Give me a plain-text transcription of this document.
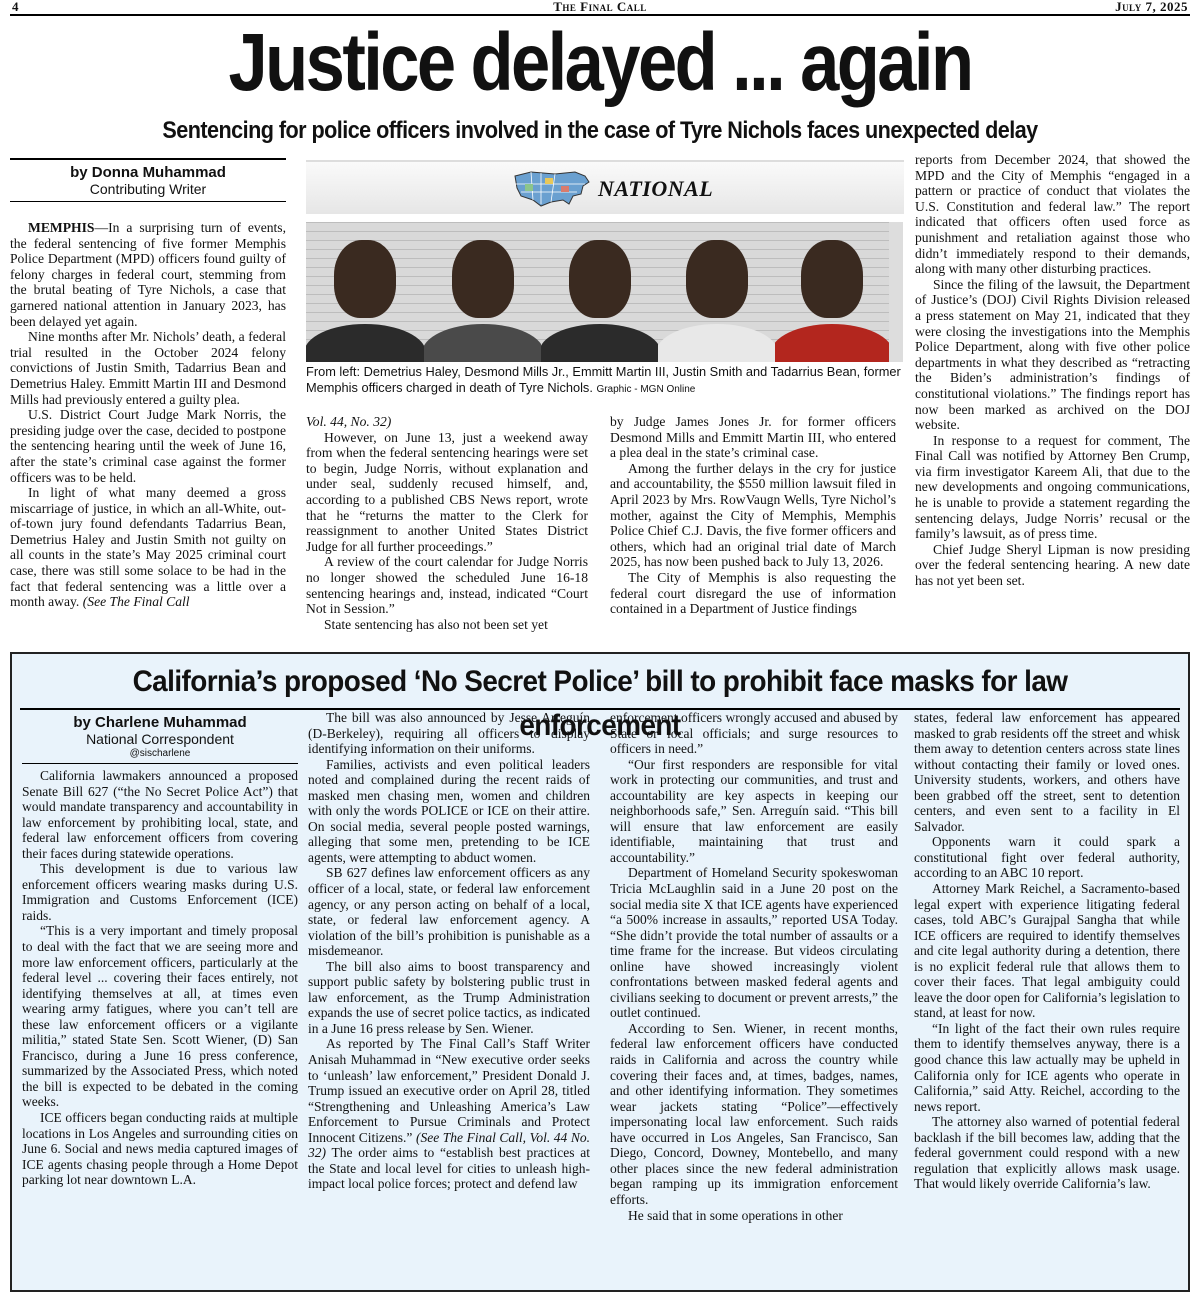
4	The Final Call	July 7, 2025
Justice delayed ... again
Sentencing for police officers involved in the case of Tyre Nichols faces unexpected delay
by Donna Muhammad
Contributing Writer

MEMPHIS—In a surprising turn of events, the federal sentencing of five former Memphis Police Department (MPD) officers found guilty of felony charges in federal court, stemming from the brutal beating of Tyre Nichols, a case that garnered national attention in January 2023, has been delayed yet again.

Nine months after Mr. Nichols’ death, a federal trial resulted in the October 2024 felony convictions of Justin Smith, Tadarrius Bean and Demetrius Haley. Emmitt Martin III and Desmond Mills had previously entered a guilty plea.

U.S. District Court Judge Mark Norris, the presiding judge over the case, decided to postpone the sentencing hearing until the week of June 16, after the state’s criminal case against the former officers was to be held.

In light of what many deemed a gross miscarriage of justice, in which an all-White, out-of-town jury found defendants Tadarrius Bean, Demetrius Haley and Justin Smith not guilty on all counts in the state’s May 2025 criminal court case, there was still some solace to be had in the fact that federal sentencing was a little over a month away. (See The Final Call

NATIONAL
From left: Demetrius Haley, Desmond Mills Jr., Emmitt Martin III, Justin Smith and Tadarrius Bean, former Memphis officers charged in death of Tyre Nichols. Graphic - MGN Online

Vol. 44, No. 32)

However, on June 13, just a weekend away from when the federal sentencing hearings were set to begin, Judge Norris, without explanation and under seal, suddenly recused himself, and, according to a published CBS News report, wrote that he “returns the matter to the Clerk for reassignment to another United States District Judge for all further proceedings.”

A review of the court calendar for Judge Norris no longer showed the scheduled June 16-18 sentencing hearings and, instead, indicated “Court Not in Session.”

State sentencing has also not been set yet

by Judge James Jones Jr. for former officers Desmond Mills and Emmitt Martin III, who entered a plea deal in the state’s criminal case.

Among the further delays in the cry for justice and accountability, the $550 million lawsuit filed in April 2023 by Mrs. RowVaugn Wells, Tyre Nichol’s mother, against the City of Memphis, Memphis Police Chief C.J. Davis, the five former officers and others, which had an original trial date of March 2025, has now been pushed back to July 13, 2026.

The City of Memphis is also requesting the federal court disregard the use of information contained in a Department of Justice findings

reports from December 2024, that showed the MPD and the City of Memphis “engaged in a pattern or practice of conduct that violates the U.S. Constitution and federal law.” The report indicated that officers often used force as punishment and retaliation against those who didn’t immediately respond to their demands, along with many other disturbing practices.

Since the filing of the lawsuit, the Department of Justice’s (DOJ) Civil Rights Division released a press statement on May 21, indicated that they were closing the investigations into the Memphis Police Department, along with five other police departments in what they described as “retracting the Biden’s administration’s findings of constitutional violations.” The findings report has now been marked as archived on the DOJ website.

In response to a request for comment, The Final Call was notified by Attorney Ben Crump, via firm investigator Kareem Ali, that due to the new developments and ongoing communications, he is unable to provide a statement regarding the sentencing delays, Judge Norris’ recusal or the family’s lawsuit, as of press time.

Chief Judge Sheryl Lipman is now presiding over the federal sentencing hearing. A new date has not yet been set.

California’s proposed ‘No Secret Police’ bill to prohibit face masks for law enforcement
by Charlene Muhammad
National Correspondent
@sischarlene

California lawmakers announced a proposed Senate Bill 627 (“the No Secret Police Act”) that would mandate transparency and accountability in law enforcement by prohibiting local, state, and federal law enforcement officers from covering their faces during statewide operations.

This development is due to various law enforcement officers wearing masks during U.S. Immigration and Customs Enforcement (ICE) raids.

“This is a very important and timely proposal to deal with the fact that we are seeing more and more law enforcement officers, particularly at the federal level ... covering their faces entirely, not identifying themselves at all, at times even wearing army fatigues, where you can’t tell are these law enforcement officers or a vigilante militia,” stated State Sen. Scott Wiener, (D) San Francisco, during a June 16 press conference, summarized by the Associated Press, which noted the bill is expected to be debated in the coming weeks.

ICE officers began conducting raids at multiple locations in Los Angeles and surrounding cities on June 6. Social and news media captured images of ICE agents chasing people through a Home Depot parking lot near downtown L.A.

The bill was also announced by Jesse Arreguín (D-Berkeley), requiring all officers to display identifying information on their uniforms.

Families, activists and even political leaders noted and complained during the recent raids of masked men chasing men, women and children with only the words POLICE or ICE on their attire. On social media, several people posted warnings, alleging that some men, pretending to be ICE agents, were attempting to abduct women.

SB 627 defines law enforcement officers as any officer of a local, state, or federal law enforcement agency, or any person acting on behalf of a local, state, or federal law enforcement agency. A violation of the bill’s prohibition is punishable as a misdemeanor.

The bill also aims to boost transparency and support public safety by bolstering public trust in law enforcement, as the Trump Administration expands the use of secret police tactics, as indicated in a June 16 press release by Sen. Wiener.

As reported by The Final Call’s Staff Writer Anisah Muhammad in “New executive order seeks to ‘unleash’ law enforcement,” President Donald J. Trump issued an executive order on April 28, titled “Strengthening and Unleashing America’s Law Enforcement to Pursue Criminals and Protect Innocent Citizens.” (See The Final Call, Vol. 44 No. 32) The order aims to “establish best practices at the State and local level for cities to unleash high-impact local police forces; protect and defend law

enforcement officers wrongly accused and abused by State or local officials; and surge resources to officers in need.”

“Our first responders are responsible for vital work in protecting our communities, and trust and accountability are key aspects in keeping our neighborhoods safe,” Sen. Arreguín said. “This bill will ensure that law enforcement are easily identifiable, maintaining that trust and accountability.”

Department of Homeland Security spokeswoman Tricia McLaughlin said in a June 20 post on the social media site X that ICE agents have experienced “a 500% increase in assaults,” reported USA Today. “She didn’t provide the total number of assaults or a time frame for the increase. But videos circulating online have showed increasingly violent confrontations between masked federal agents and civilians seeking to document or prevent arrests,” the outlet continued.

According to Sen. Wiener, in recent months, federal law enforcement officers have conducted raids in California and across the country while covering their faces and, at times, badges, names, and other identifying information. They sometimes wear jackets stating “Police”—effectively impersonating local law enforcement. Such raids have occurred in Los Angeles, San Francisco, San Diego, Concord, Downey, Montebello, and many other places since the new federal administration began ramping up its immigration enforcement efforts.

He said that in some operations in other

states, federal law enforcement has appeared masked to grab residents off the street and whisk them away to detention centers across state lines without contacting their family or loved ones. University students, workers, and others have been grabbed off the street, sent to detention centers, and even sent to a facility in El Salvador.

Opponents warn it could spark a constitutional fight over federal authority, according to an ABC 10 report.

Attorney Mark Reichel, a Sacramento-based legal expert with experience litigating federal cases, told ABC’s Gurajpal Sangha that while ICE officers are required to identify themselves and cite legal authority during a detention, there is no explicit federal rule that allows them to cover their faces. That legal ambiguity could leave the door open for California’s legislation to stand, at least for now.

“In light of the fact their own rules require them to identify themselves anyway, there is a good chance this law actually may be upheld in California only for ICE agents who operate in California,” said Atty. Reichel, according to the news report.

The attorney also warned of potential federal backlash if the bill becomes law, adding that the federal government could respond with a new regulation that explicitly allows mask usage. That would likely override California’s law.
